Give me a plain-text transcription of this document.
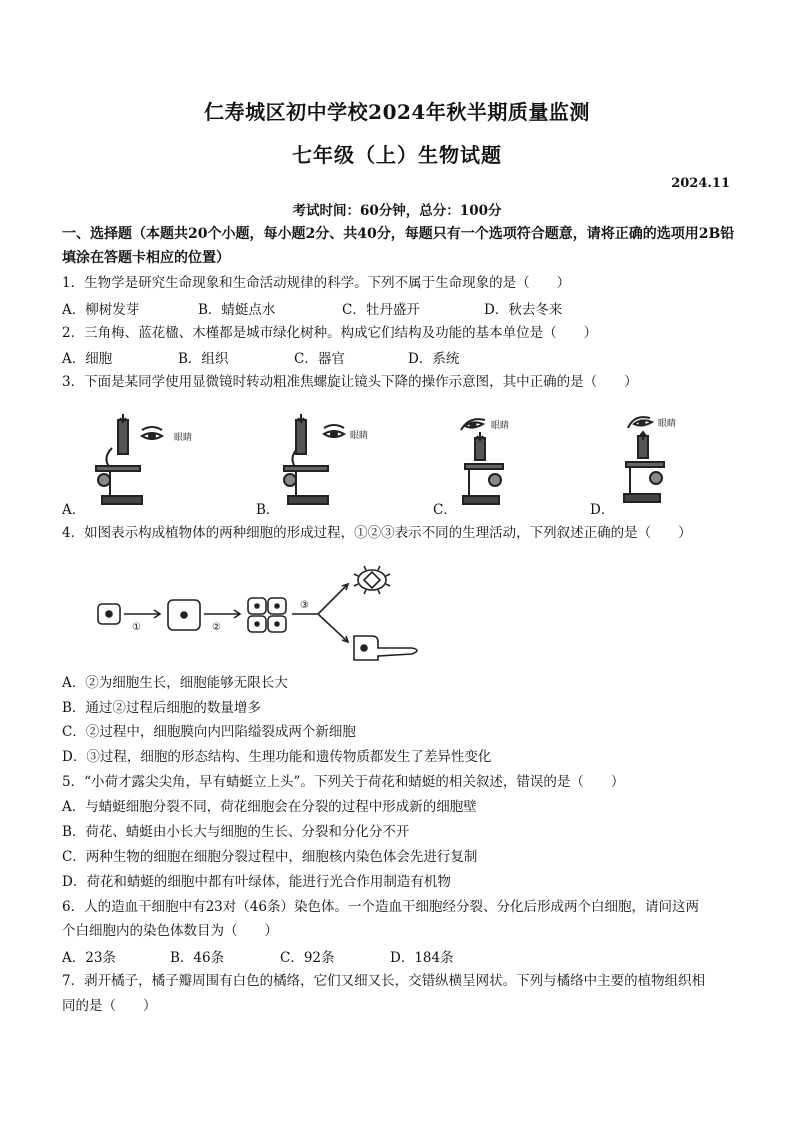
仁寿城区初中学校2024年秋半期质量监测
七年级（上）生物试题
2024.11
考试时间：60分钟，总分：100分
一、选择题（本题共20个小题，每小题2分、共40分，每题只有一个选项符合题意，请将正确的选项用2B铅填涂在答题卡相应的位置）
1．生物学是研究生命现象和生命活动规律的科学。下列不属于生命现象的是（　　）
A．柳树发芽	B．蜻蜓点水	C．牡丹盛开	D．秋去冬来
2．三角梅、蓝花楹、木槿都是城市绿化树种。构成它们结构及功能的基本单位是（　　）
A．细胞	B．组织	C．器官	D．系统
3．下面是某同学使用显微镜时转动粗准焦螺旋让镜头下降的操作示意图，其中正确的是（　　）
眼睛	眼睛
眼睛	眼睛
A．	B．	C．	D．
4．如图表示构成植物体的两种细胞的形成过程，①②③表示不同的生理活动，下列叙述正确的是（　　）
①	②
③
A．②为细胞生长，细胞能够无限长大
B．通过②过程后细胞的数量增多
C．②过程中，细胞膜向内凹陷缢裂成两个新细胞
D．③过程，细胞的形态结构、生理功能和遗传物质都发生了差异性变化
5．“小荷才露尖尖角，早有蜻蜓立上头”。下列关于荷花和蜻蜓的相关叙述，错误的是（　　）
A．与蜻蜓细胞分裂不同，荷花细胞会在分裂的过程中形成新的细胞壁
B．荷花、蜻蜓由小长大与细胞的生长、分裂和分化分不开
C．两种生物的细胞在细胞分裂过程中，细胞核内染色体会先进行复制
D．荷花和蜻蜓的细胞中都有叶绿体，能进行光合作用制造有机物
6．人的造血干细胞中有23对（46条）染色体。一个造血干细胞经分裂、分化后形成两个白细胞，请问这两
个白细胞内的染色体数目为（　　）
A．23条	B．46条	C．92条	D．184条
7．剥开橘子，橘子瓣周围有白色的橘络，它们又细又长，交错纵横呈网状。下列与橘络中主要的植物组织相
同的是（　　）
